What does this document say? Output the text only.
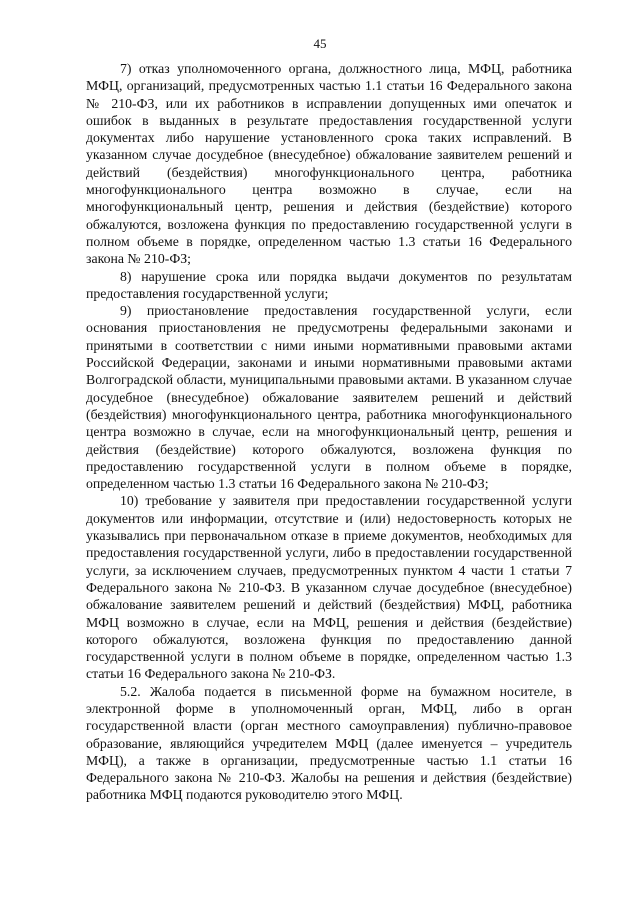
45

7) отказ уполномоченного органа, должностного лица, МФЦ, работника МФЦ, организаций, предусмотренных частью 1.1 статьи 16 Федерального закона № 210-ФЗ, или их работников в исправлении допущенных ими опечаток и ошибок в выданных в результате предоставления государственной услуги документах либо нарушение установленного срока таких исправлений. В указанном случае досудебное (внесудебное) обжалование заявителем решений и действий (бездействия) многофункционального центра, работника многофункционального центра возможно в случае, если на многофункциональный центр, решения и действия (бездействие) которого обжалуются, возложена функция по предоставлению государственной услуги в полном объеме в порядке, определенном частью 1.3 статьи 16 Федерального закона № 210-ФЗ;

8) нарушение срока или порядка выдачи документов по результатам предоставления государственной услуги;

9) приостановление предоставления государственной услуги, если основания приостановления не предусмотрены федеральными законами и принятыми в соответствии с ними иными нормативными правовыми актами Российской Федерации, законами и иными нормативными правовыми актами Волгоградской области, муниципальными правовыми актами. В указанном случае досудебное (внесудебное) обжалование заявителем решений и действий (бездействия) многофункционального центра, работника многофункционального центра возможно в случае, если на многофункциональный центр, решения и действия (бездействие) которого обжалуются, возложена функция по предоставлению государственной услуги в полном объеме в порядке, определенном частью 1.3 статьи 16 Федерального закона № 210-ФЗ;

10) требование у заявителя при предоставлении государственной услуги документов или информации, отсутствие и (или) недостоверность которых не указывались при первоначальном отказе в приеме документов, необходимых для предоставления государственной услуги, либо в предоставлении государственной услуги, за исключением случаев, предусмотренных пунктом 4 части 1 статьи 7 Федерального закона № 210-ФЗ. В указанном случае досудебное (внесудебное) обжалование заявителем решений и действий (бездействия) МФЦ, работника МФЦ возможно в случае, если на МФЦ, решения и действия (бездействие) которого обжалуются, возложена функция по предоставлению данной государственной услуги в полном объеме в порядке, определенном частью 1.3 статьи 16 Федерального закона № 210-ФЗ.

5.2. Жалоба подается в письменной форме на бумажном носителе, в электронной форме в уполномоченный орган, МФЦ, либо в орган государственной власти (орган местного самоуправления) публично-правовое образование, являющийся учредителем МФЦ (далее именуется – учредитель МФЦ), а также в организации, предусмотренные частью 1.1 статьи 16 Федерального закона № 210-ФЗ. Жалобы на решения и действия (бездействие) работника МФЦ подаются руководителю этого МФЦ.
